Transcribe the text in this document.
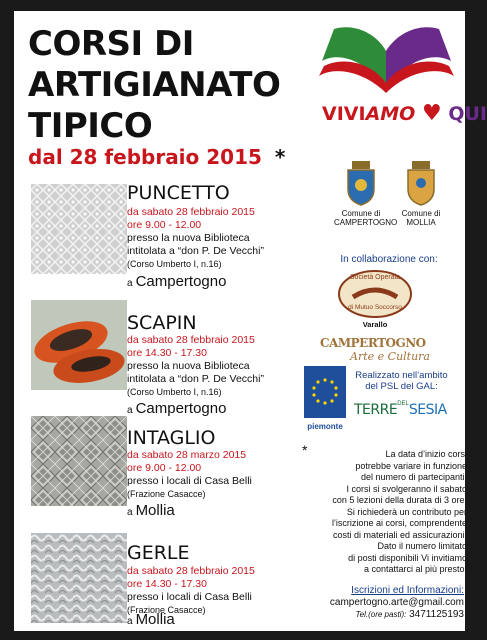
CORSI DI
ARTIGIANATO
TIPICO
dal 28 febbraio 2015 *
VIVIAMO ♥ QUI
PUNCETTO
da sabato 28 febbraio 2015
ore 9.00 - 12.00
presso la nuova Biblioteca
intitolata a “don P. De Vecchi”
(Corso Umberto I, n.16)
a Campertogno
SCAPIN
da sabato 28 febbraio 2015
ore 14.30 - 17.30
presso la nuova Biblioteca
intitolata a “don P. De Vecchi”
(Corso Umberto I, n.16)
a Campertogno
INTAGLIO
da sabato 28 marzo 2015
ore 9.00 - 12.00
presso i locali di Casa Belli
(Frazione Casacce)
a Mollia
GERLE
da sabato 28 febbraio 2015
ore 14.30 - 17.30
presso i locali di Casa Belli
(Frazione Casacce)
a Mollia
Comune di
CAMPERTOGNO
Comune di
MOLLIA
In collaborazione con:
Società Operaia
di Mutuo Soccorso
Varallo
CAMPERTOGNO
Arte e Cultura
Realizzato nell’ambito
del PSL del GAL:
piemonte
$TERRE^{DEL}SESIA$
*	La data d’inizio corsi
potrebbe variare in funzione
del numero di partecipanti.
I corsi si svolgeranno il sabato
con 5 lezioni della durata di 3 ore.
Si richiederà un contributo per
l’iscrizione ai corsi, comprendente
costi di materiali ed assicurazioni.
Dato il numero limitato
di posti disponibili Vi invitiamo
a contattarci al più presto!
Iscrizioni ed Informazioni:
campertogno.arte@gmail.com
Tel.(ore pasti): 3471125193
